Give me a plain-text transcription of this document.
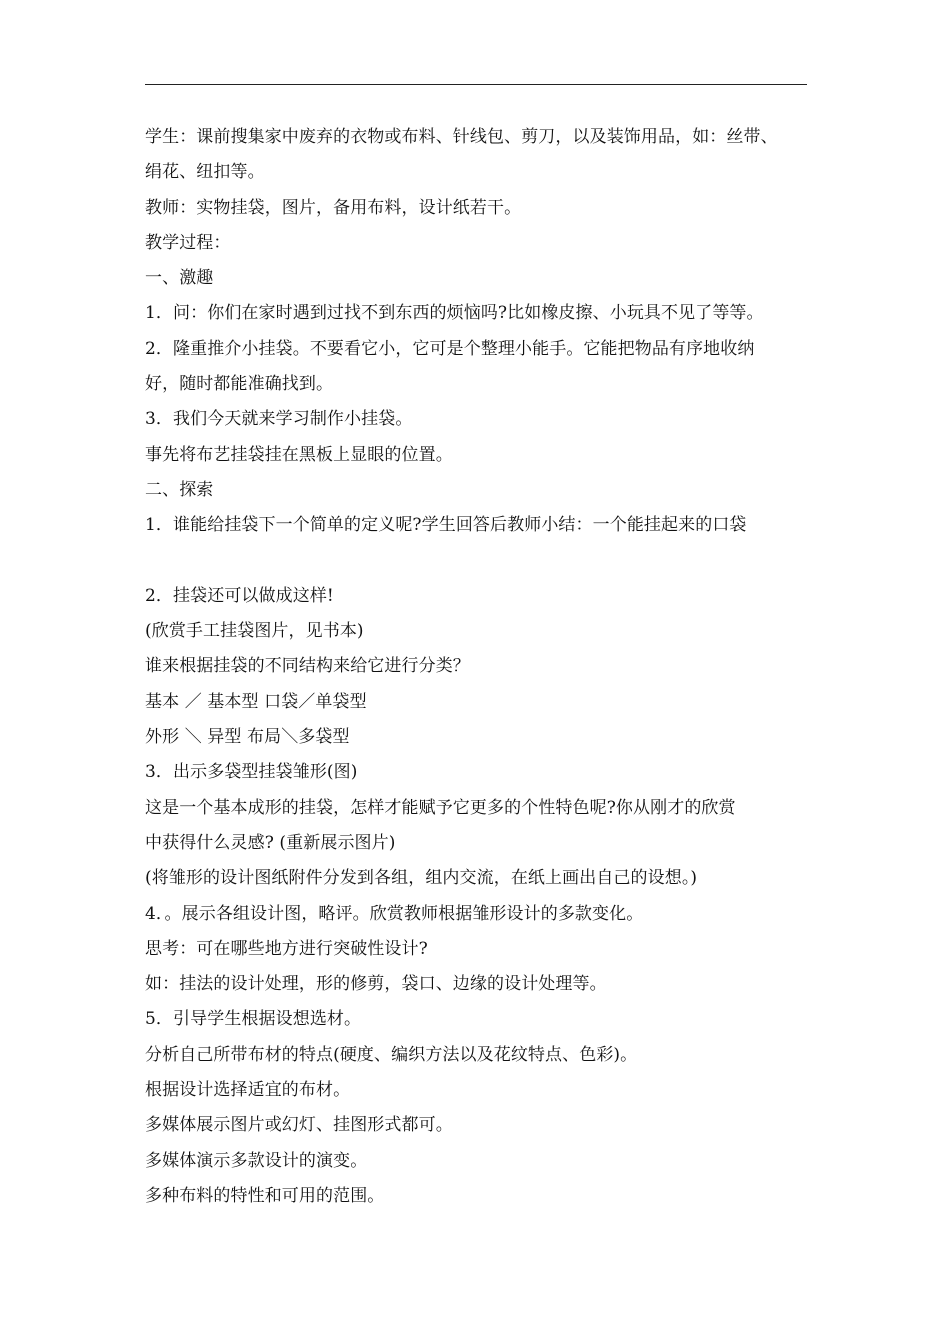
学生：课前搜集家中废弃的衣物或布料、针线包、剪刀，以及装饰用品，如：丝带、
绢花、纽扣等。
教师：实物挂袋，图片，备用布料，设计纸若干。
教学过程：
一、激趣
1．问：你们在家时遇到过找不到东西的烦恼吗?比如橡皮擦、小玩具不见了等等。
2．隆重推介小挂袋。不要看它小，它可是个整理小能手。它能把物品有序地收纳
好，随时都能准确找到。
3．我们今天就来学习制作小挂袋。
事先将布艺挂袋挂在黑板上显眼的位置。
二、探索
1．谁能给挂袋下一个简单的定义呢?学生回答后教师小结：一个能挂起来的口袋
2．挂袋还可以做成这样!
(欣赏手工挂袋图片，见书本)
谁来根据挂袋的不同结构来给它进行分类？
基本 ／ 基本型 口袋／单袋型
外形 ＼ 异型 布局＼多袋型
3．出示多袋型挂袋雏形(图)
这是一个基本成形的挂袋，怎样才能赋予它更多的个性特色呢?你从刚才的欣赏
中获得什么灵感? (重新展示图片)
(将雏形的设计图纸附件分发到各组，组内交流，在纸上画出自己的设想。)
4．。展示各组设计图，略评。欣赏教师根据雏形设计的多款变化。
思考：可在哪些地方进行突破性设计?
如：挂法的设计处理，形的修剪，袋口、边缘的设计处理等。
5．引导学生根据设想选材。
分析自己所带布材的特点(硬度、编织方法以及花纹特点、色彩)。
根据设计选择适宜的布材。
多媒体展示图片或幻灯、挂图形式都可。
多媒体演示多款设计的演变。
多种布料的特性和可用的范围。
